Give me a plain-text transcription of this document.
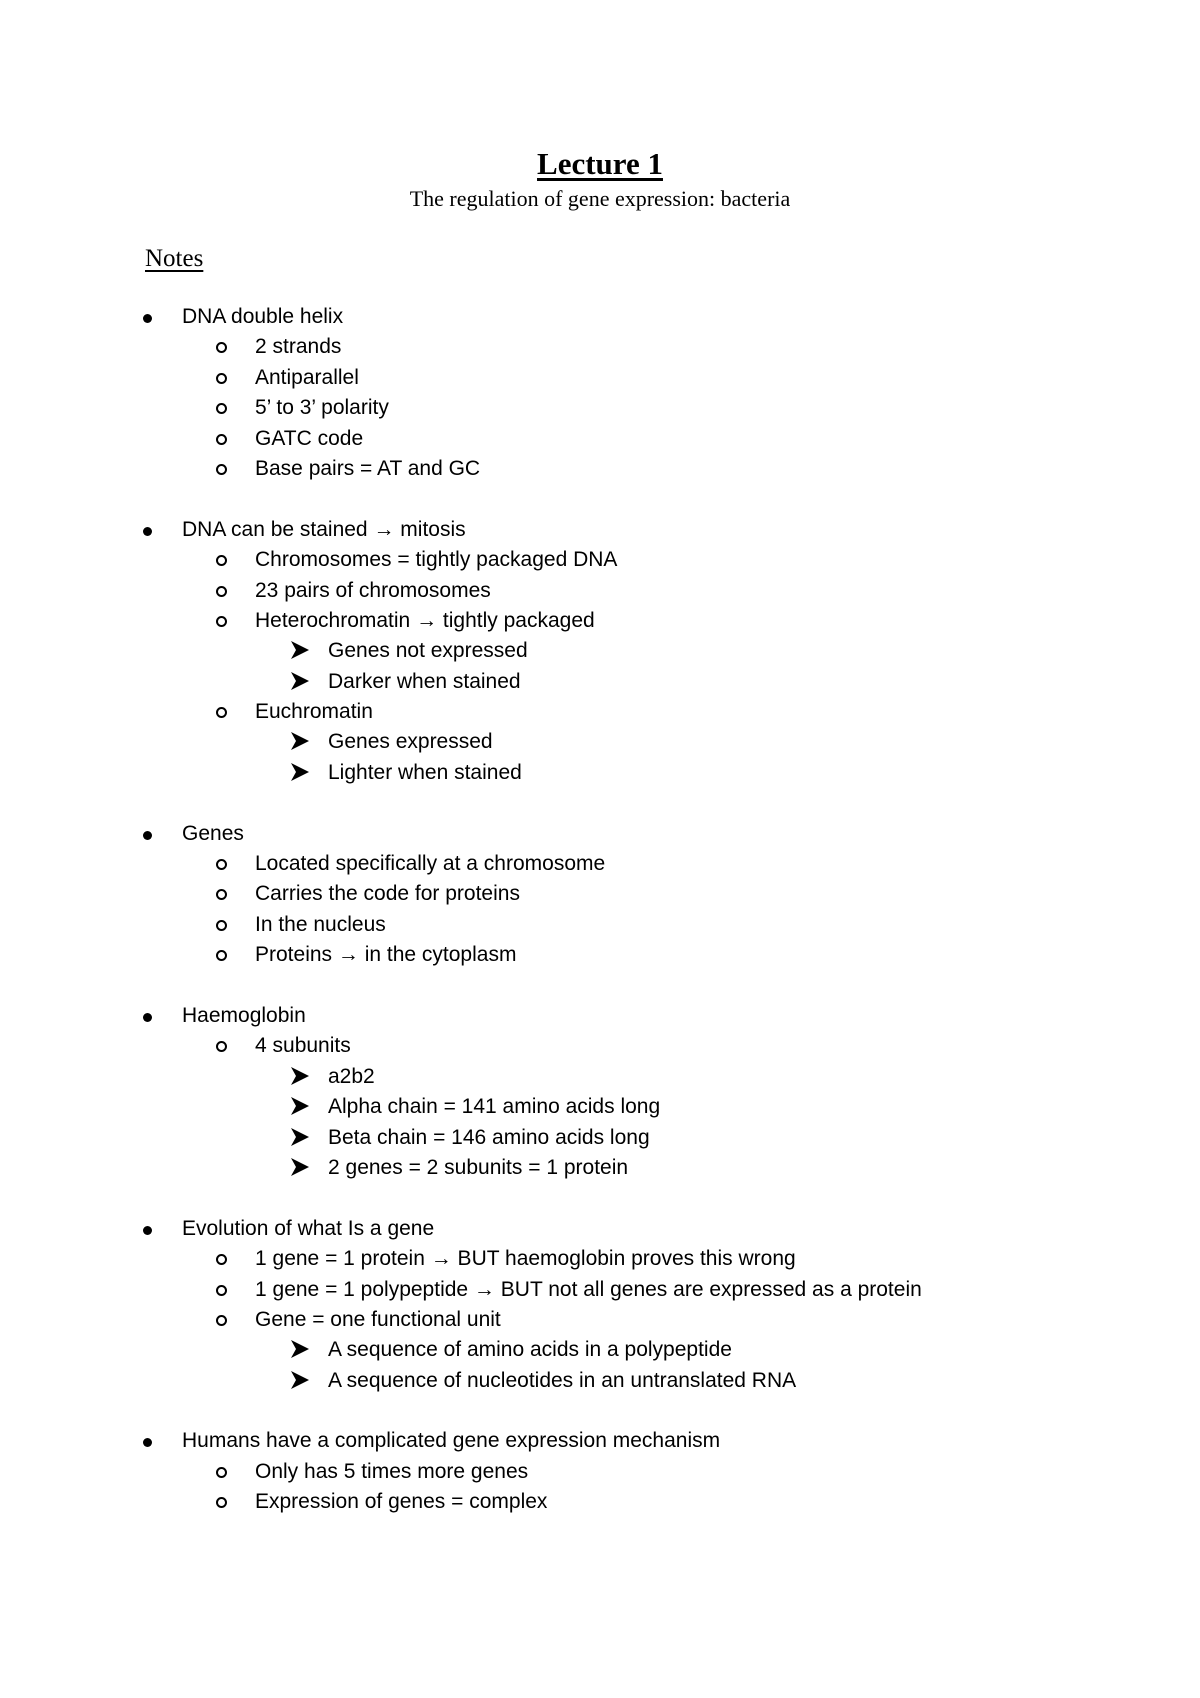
Lecture 1
The regulation of gene expression: bacteria
Notes
DNA double helix
2 strands
Antiparallel
5’ to 3’ polarity
GATC code
Base pairs = AT and GC
DNA can be stained → mitosis
Chromosomes = tightly packaged DNA
23 pairs of chromosomes
Heterochromatin → tightly packaged
Genes not expressed
Darker when stained
Euchromatin
Genes expressed
Lighter when stained
Genes
Located specifically at a chromosome
Carries the code for proteins
In the nucleus
Proteins → in the cytoplasm
Haemoglobin
4 subunits
a2b2
Alpha chain = 141 amino acids long
Beta chain = 146 amino acids long
2 genes = 2 subunits = 1 protein
Evolution of what Is a gene
1 gene = 1 protein → BUT haemoglobin proves this wrong
1 gene = 1 polypeptide → BUT not all genes are expressed as a protein
Gene = one functional unit
A sequence of amino acids in a polypeptide
A sequence of nucleotides in an untranslated RNA
Humans have a complicated gene expression mechanism
Only has 5 times more genes
Expression of genes = complex
